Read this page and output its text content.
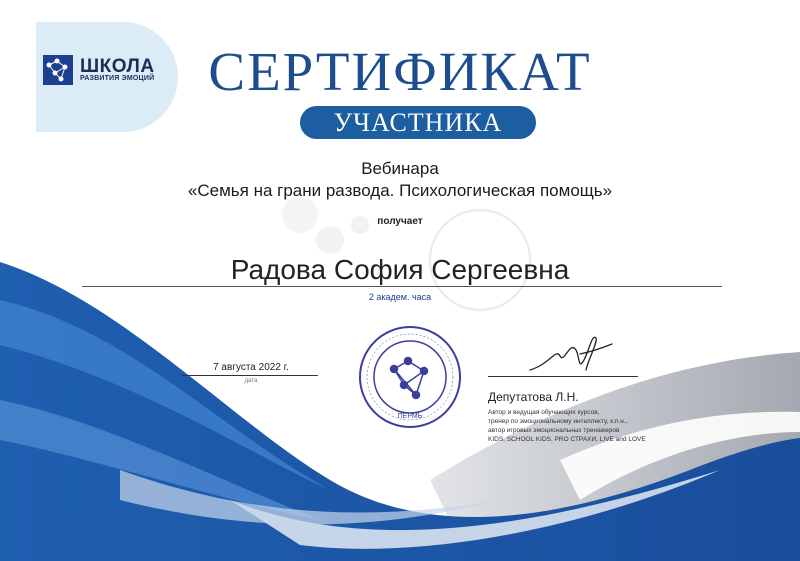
ШКОЛА
РАЗВИТИЯ ЭМОЦИЙ СЕРТИФИКАТ
УЧАСТНИКА
Вебинара
«Семья на грани развода. Психологическая помощь»
получает
Радова София Сергеевна
2 академ. часа
7 августа 2022 г.
дата
ПЕРМЬ
Депутатова Л.Н.
Автор и ведущая обучающих курсов,
тренер по эмоциональному интеллекту, к.п.н.,
автор игровых эмоциональных тренажеров
KIDS, SCHOOL KIDS, PRO СТРАХИ, LIVE and LOVE
